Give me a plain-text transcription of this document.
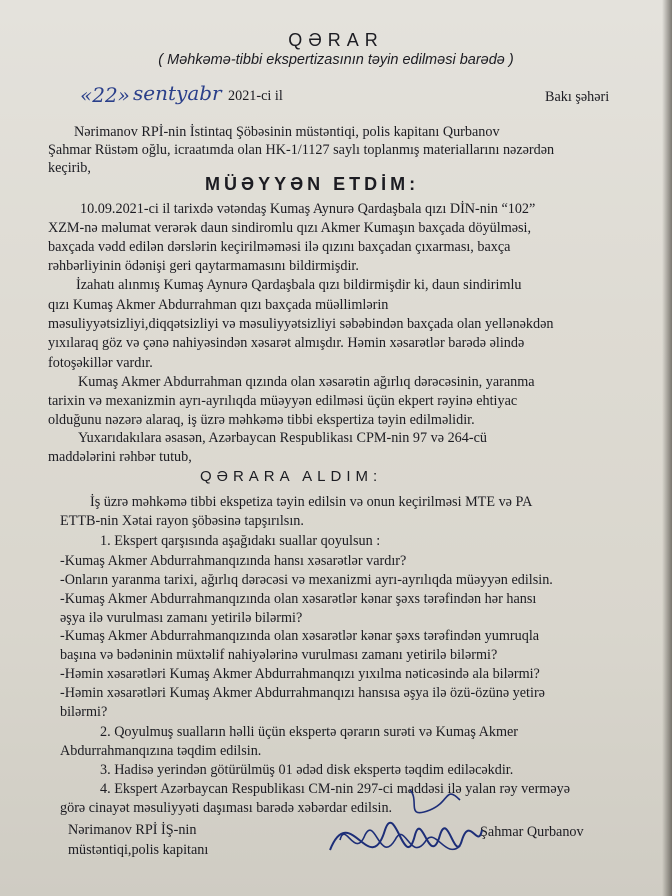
QƏRAR
( Məhkəmə-tibbi ekspertizasının təyin edilməsi barədə )
«22» sentyabr 2021-ci il	Bakı şəhəri
Nərimanov RPİ-nin İstintaq Şöbəsinin müstəntiqi, polis kapitanı Qurbanov
Şahmar Rüstəm oğlu, icraatımda olan HK-1/1127 saylı toplanmış materiallarını nəzərdən
keçirib,
MÜƏYYƏN ETDİM:
10.09.2021-ci il tarixdə vətəndaş Kumaş Aynurə Qardaşbala qızı DİN-nin “102”
XZM-nə məlumat verərək daun sindiromlu qızı Akmer Kumaşın baxçada döyülməsi,
baxçada vədd edilən dərslərin keçirilməməsi ilə qızını baxçadan çıxarması, baxça
rəhbərliyinin ödənişi geri qaytarmamasını bildirmişdir.
İzahatı alınmış Kumaş Aynurə Qardaşbala qızı bildirmişdir ki, daun sindirimlu
qızı Kumaş Akmer Abdurrahman qızı baxçada müəllimlərin
məsuliyyətsizliyi,diqqətsizliyi və məsuliyyətsizliyi səbəbindən baxçada olan yellənəkdən
yıxılaraq göz və çənə nahiyəsindən xəsarət almışdır. Həmin xəsarətlər barədə əlində
fotoşəkillər vardır.
Kumaş Akmer Abdurrahman qızında olan xəsarətin ağırlıq dərəcəsinin, yaranma
tarixin və mexanizmin ayrı-ayrılıqda müəyyən edilməsi üçün ekpert rəyinə ehtiyac
olduğunu nəzərə alaraq, iş üzrə məhkəmə tibbi ekspertiza təyin edilməlidir.
Yuxarıdakılara əsasən, Azərbaycan Respublikası CPM-nin 97 və 264-cü
maddələrini rəhbər tutub,
QƏRARA ALDIM:
İş üzrə məhkəmə tibbi ekspetiza təyin edilsin və onun keçirilməsi MTE və PA
ETTB-nin Xətai rayon şöbəsinə tapşırılsın.
1. Ekspert qarşısında aşağıdakı suallar qoyulsun :
-Kumaş Akmer Abdurrahmanqızında hansı xəsarətlər vardır?
-Onların yaranma tarixi, ağırlıq dərəcəsi və mexanizmi ayrı-ayrılıqda müəyyən edilsin.
-Kumaş Akmer Abdurrahmanqızında olan xəsarətlər kənar şəxs tərəfindən hər hansı
əşya ilə vurulması zamanı yetirilə bilərmi?
-Kumaş Akmer Abdurrahmanqızında olan xəsarətlər kənar şəxs tərəfindən yumruqla
başına və bədəninin müxtəlif nahiyələrinə vurulması zamanı yetirilə bilərmi?
-Həmin xəsarətləri Kumaş Akmer Abdurrahmanqızı yıxılma nəticəsində ala bilərmi?
-Həmin xəsarətləri Kumaş Akmer Abdurrahmanqızı hansısa əşya ilə özü-özünə yetirə
bilərmi?
2. Qoyulmuş sualların həlli üçün ekspertə qərarın surəti və Kumaş Akmer
Abdurrahmanqızına təqdim edilsin.
3. Hadisə yerindən götürülmüş 01 ədəd disk ekspertə təqdim ediləcəkdir.
4. Ekspert Azərbaycan Respublikası CM-nin 297-ci maddəsi ilə yalan rəy verməyə
görə cinayət məsuliyyəti daşıması barədə xəbərdar edilsin.
Nərimanov RPİ İŞ-nin
müstəntiqi,polis kapitanı
Şahmar Qurbanov
